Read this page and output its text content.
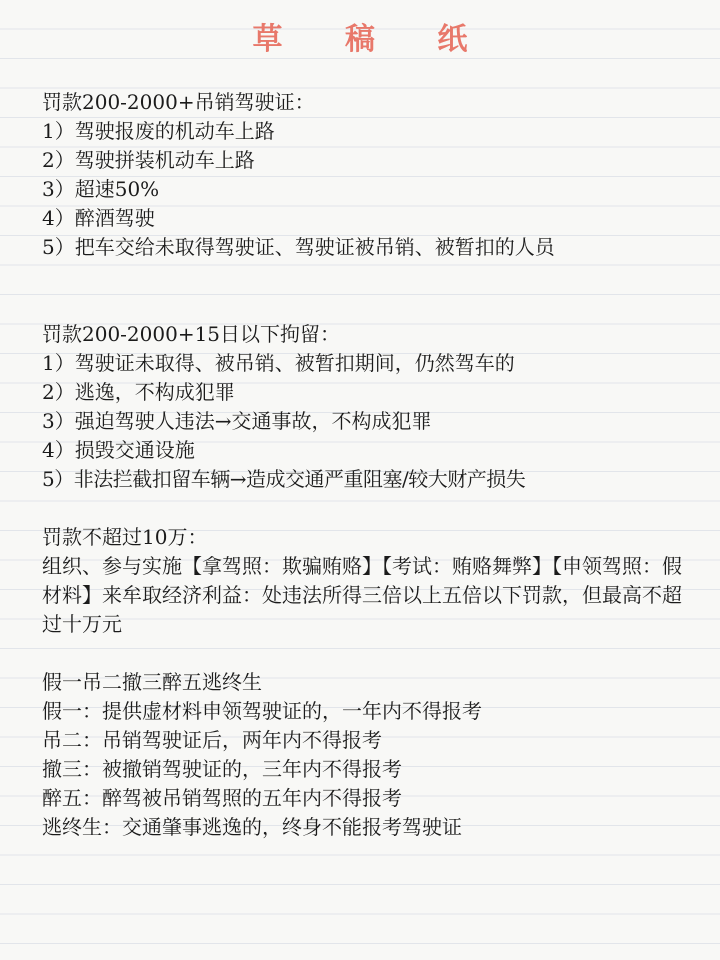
草 稿 纸
罚款200-2000+吊销驾驶证：
1）驾驶报废的机动车上路
2）驾驶拼装机动车上路
3）超速50%
4）醉酒驾驶
5）把车交给未取得驾驶证、驾驶证被吊销、被暂扣的人员
罚款200-2000+15日以下拘留：
1）驾驶证未取得、被吊销、被暂扣期间，仍然驾车的
2）逃逸，不构成犯罪
3）强迫驾驶人违法→交通事故，不构成犯罪
4）损毁交通设施
5）非法拦截扣留车辆→造成交通严重阻塞/较大财产损失
罚款不超过10万：
组织、参与实施【拿驾照：欺骗贿赂】【考试：贿赂舞弊】【申领驾照：假材料】来牟取经济利益：处违法所得三倍以上五倍以下罚款，但最高不超过十万元
假一吊二撤三醉五逃终生
假一：提供虚材料申领驾驶证的，一年内不得报考
吊二：吊销驾驶证后，两年内不得报考
撤三：被撤销驾驶证的，三年内不得报考
醉五：醉驾被吊销驾照的五年内不得报考
逃终生：交通肇事逃逸的，终身不能报考驾驶证
